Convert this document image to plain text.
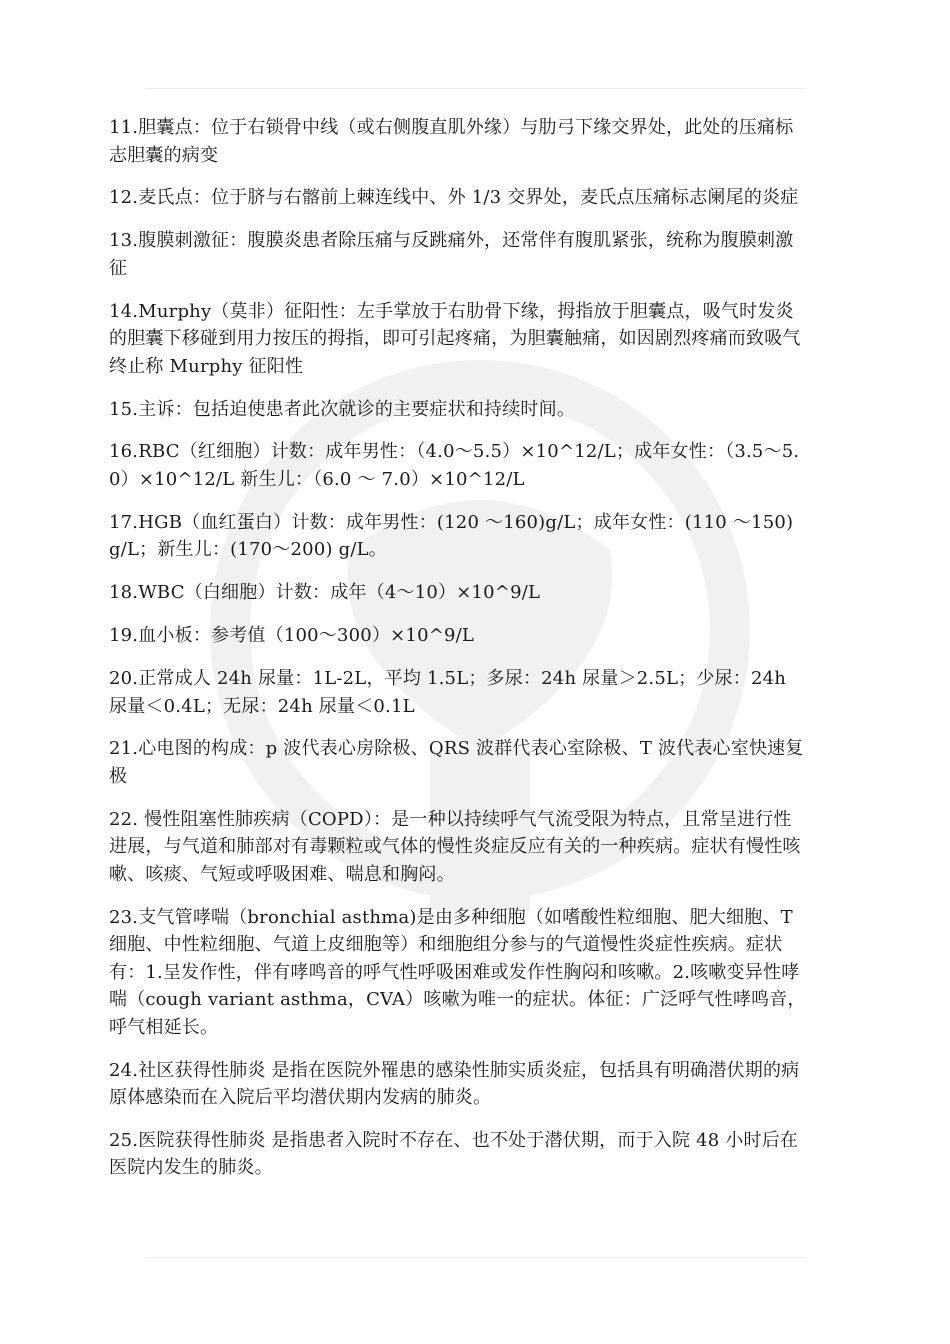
11.胆囊点：位于右锁骨中线（或右侧腹直肌外缘）与肋弓下缘交界处，此处的压痛标志胆囊的病变

12.麦氏点：位于脐与右髂前上棘连线中、外 1/3 交界处，麦氏点压痛标志阑尾的炎症

13.腹膜刺激征：腹膜炎患者除压痛与反跳痛外，还常伴有腹肌紧张，统称为腹膜刺激征

14.Murphy（莫非）征阳性：左手掌放于右肋骨下缘，拇指放于胆囊点，吸气时发炎的胆囊下移碰到用力按压的拇指，即可引起疼痛，为胆囊触痛，如因剧烈疼痛而致吸气终止称 Murphy 征阳性

15.主诉：包括迫使患者此次就诊的主要症状和持续时间。

16.RBC（红细胞）计数：成年男性：（4.0～5.5）×10^12/L；成年女性：（3.5～5.0）×10^12/L 新生儿：（6.0 ～ 7.0）×10^12/L

17.HGB（血红蛋白）计数：成年男性：(120 ～160)g/L；成年女性：(110 ～150) g/L；新生儿：(170～200) g/L。

18.WBC（白细胞）计数：成年（4～10）×10^9/L

19.血小板：参考值（100～300）×10^9/L

20.正常成人 24h 尿量：1L-2L，平均 1.5L；多尿：24h 尿量＞2.5L；少尿：24h 尿量＜0.4L；无尿：24h 尿量＜0.1L

21.心电图的构成：p 波代表心房除极、QRS 波群代表心室除极、T 波代表心室快速复极

22. 慢性阻塞性肺疾病（COPD）：是一种以持续呼气气流受限为特点，且常呈进行性进展，与气道和肺部对有毒颗粒或气体的慢性炎症反应有关的一种疾病。症状有慢性咳嗽、咳痰、气短或呼吸困难、喘息和胸闷。

23.支气管哮喘（bronchial asthma)是由多种细胞（如嗜酸性粒细胞、肥大细胞、T 细胞、中性粒细胞、气道上皮细胞等）和细胞组分参与的气道慢性炎症性疾病。症状有：1.呈发作性，伴有哮鸣音的呼气性呼吸困难或发作性胸闷和咳嗽。2.咳嗽变异性哮喘（cough variant asthma，CVA）咳嗽为唯一的症状。体征：广泛呼气性哮鸣音，呼气相延长。

24.社区获得性肺炎 是指在医院外罹患的感染性肺实质炎症，包括具有明确潜伏期的病原体感染而在入院后平均潜伏期内发病的肺炎。

25.医院获得性肺炎 是指患者入院时不存在、也不处于潜伏期，而于入院 48 小时后在医院内发生的肺炎。
